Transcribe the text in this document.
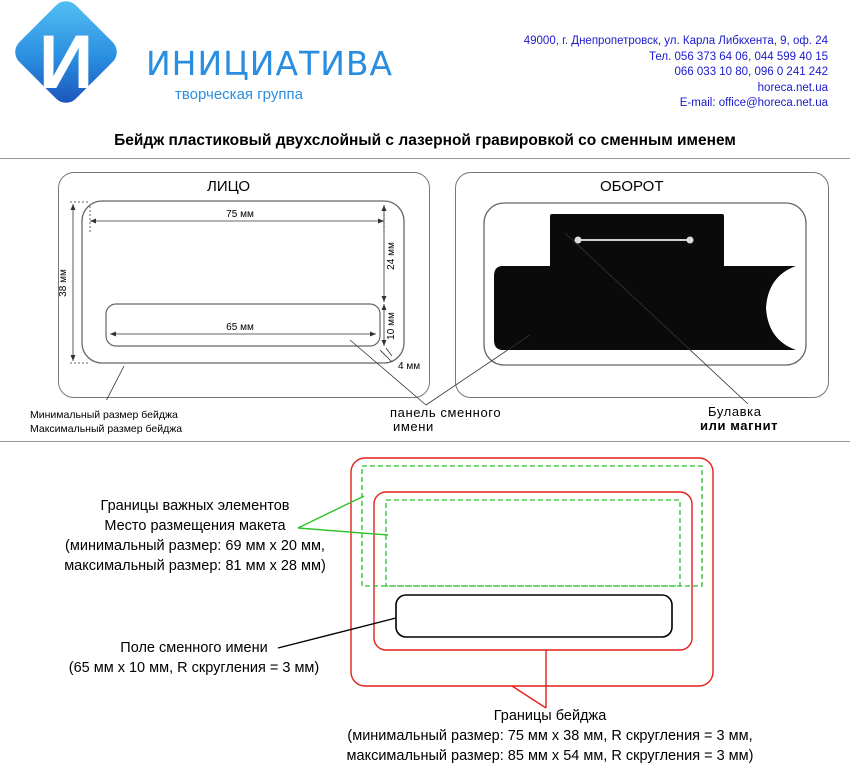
И ИНИЦИАТИВА
творческая группа
49000, г. Днепропетровск, ул. Карла Либкхента, 9, оф. 24
Тел. 056 373 64 06, 044 599 40 15
066 033 10 80, 096 0 241 242
horeca.net.ua
E-mail: office@horeca.net.ua
Бейдж пластиковый двухслойный с лазерной гравировкой со сменным именем
ЛИЦО
75 мм
65 мм
4 мм
38 мм
24 мм
10 мм
Минимальный размер бейджа
Максимальный размер бейджа
ОБОРОТ
панель сменного
имени
Булавка
или магнит
Границы важных элементов
Место размещения макета
(минимальный размер: 69 мм х 20 мм,
максимальный размер: 81 мм х 28 мм)
Поле сменного имени
(65 мм х 10 мм, R скругления = 3 мм)
Границы бейджа
(минимальный размер: 75 мм х 38 мм, R скругления = 3 мм,
максимальный размер: 85 мм х 54 мм, R скругления = 3 мм)
